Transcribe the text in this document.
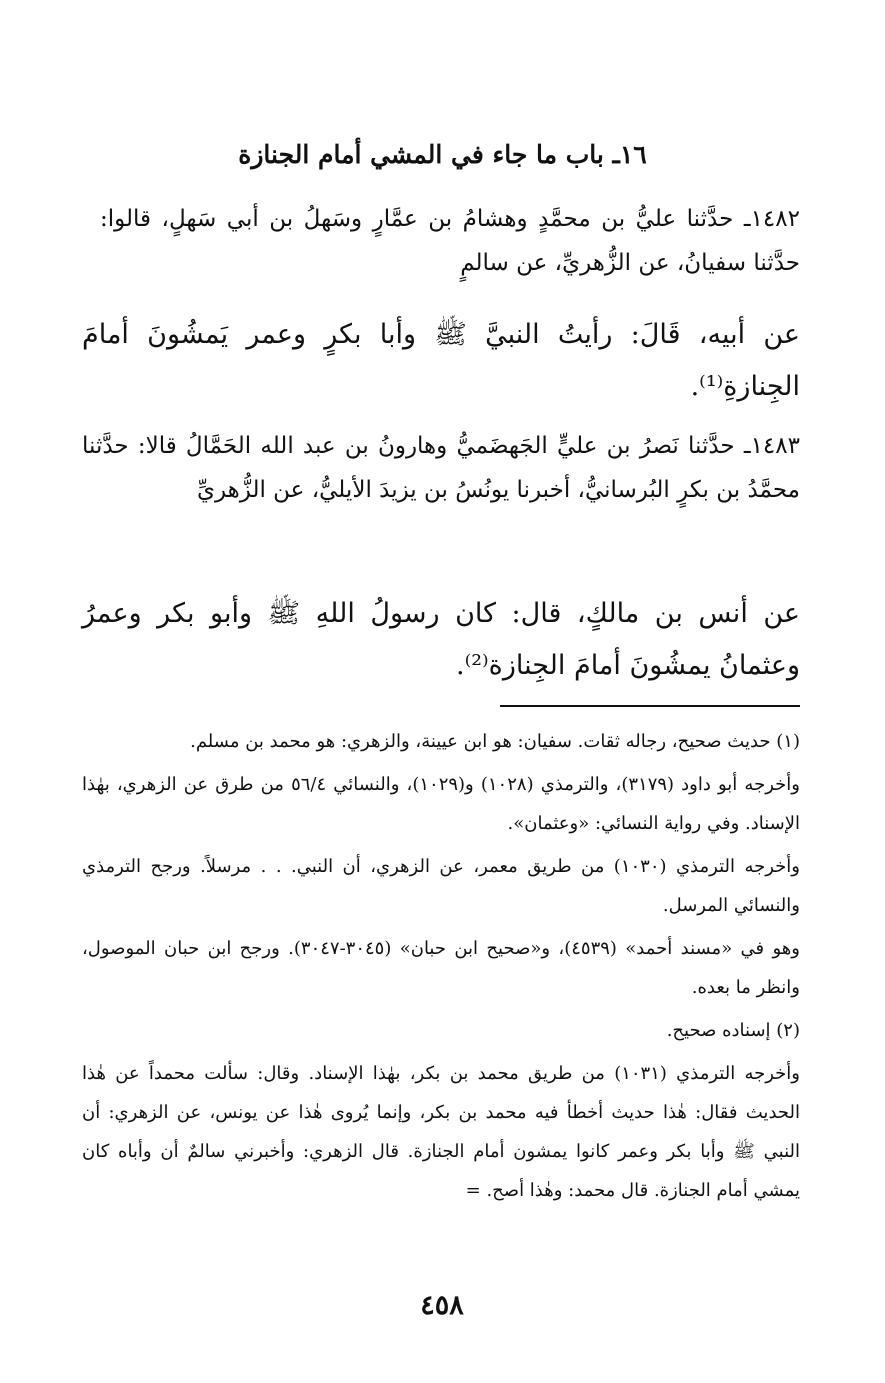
١٦ـ باب ما جاء في المشي أمام الجنازة
١٤٨٢ـ حدَّثنا عليُّ بن محمَّدٍ وهشامُ بن عمَّارٍ وسَهلُ بن أبي سَهلٍ، قالوا: حدَّثنا سفيانُ، عن الزُّهريِّ، عن سالمٍ
عن أبيه، قَالَ: رأيتُ النبيَّ ﷺ وأبا بكرٍ وعمر يَمشُونَ أمامَ الجِنازةِ⁽¹⁾.
١٤٨٣ـ حدَّثنا نَصرُ بن عليٍّ الجَهضَميُّ وهارونُ بن عبد الله الحَمَّالُ قالا: حدَّثنا محمَّدُ بن بكرٍ البُرسانيُّ، أخبرنا يونُسُ بن يزيدَ الأيليُّ، عن الزُّهريِّ
عن أنس بن مالكٍ، قال: كان رسولُ اللهِ ﷺ وأبو بكر وعمرُ وعثمانُ يمشُونَ أمامَ الجِنازة⁽²⁾.

(١) حديث صحيح، رجاله ثقات. سفيان: هو ابن عيينة، والزهري: هو محمد بن مسلم.

وأخرجه أبو داود (٣١٧٩)، والترمذي (١٠٢٨) و(١٠٢٩)، والنسائي ٥٦/٤ من طرق عن الزهري، بهٰذا الإسناد. وفي رواية النسائي: «وعثمان».

وأخرجه الترمذي (١٠٣٠) من طريق معمر، عن الزهري، أن النبي. . . مرسلاً. ورجح الترمذي والنسائي المرسل.

وهو في «مسند أحمد» (٤٥٣٩)، و«صحيح ابن حبان» (٣٠٤٥-٣٠٤٧). ورجح ابن حبان الموصول، وانظر ما بعده.

(٢) إسناده صحيح.

وأخرجه الترمذي (١٠٣١) من طريق محمد بن بكر، بهٰذا الإسناد. وقال: سألت محمداً عن هٰذا الحديث فقال: هٰذا حديث أخطأ فيه محمد بن بكر، وإنما يُروى هٰذا عن يونس، عن الزهري: أن النبي ﷺ وأبا بكر وعمر كانوا يمشون أمام الجنازة. قال الزهري: وأخبرني سالمٌ أن وأباه كان يمشي أمام الجنازة. قال محمد: وهٰذا أصح. =

٤٥٨
